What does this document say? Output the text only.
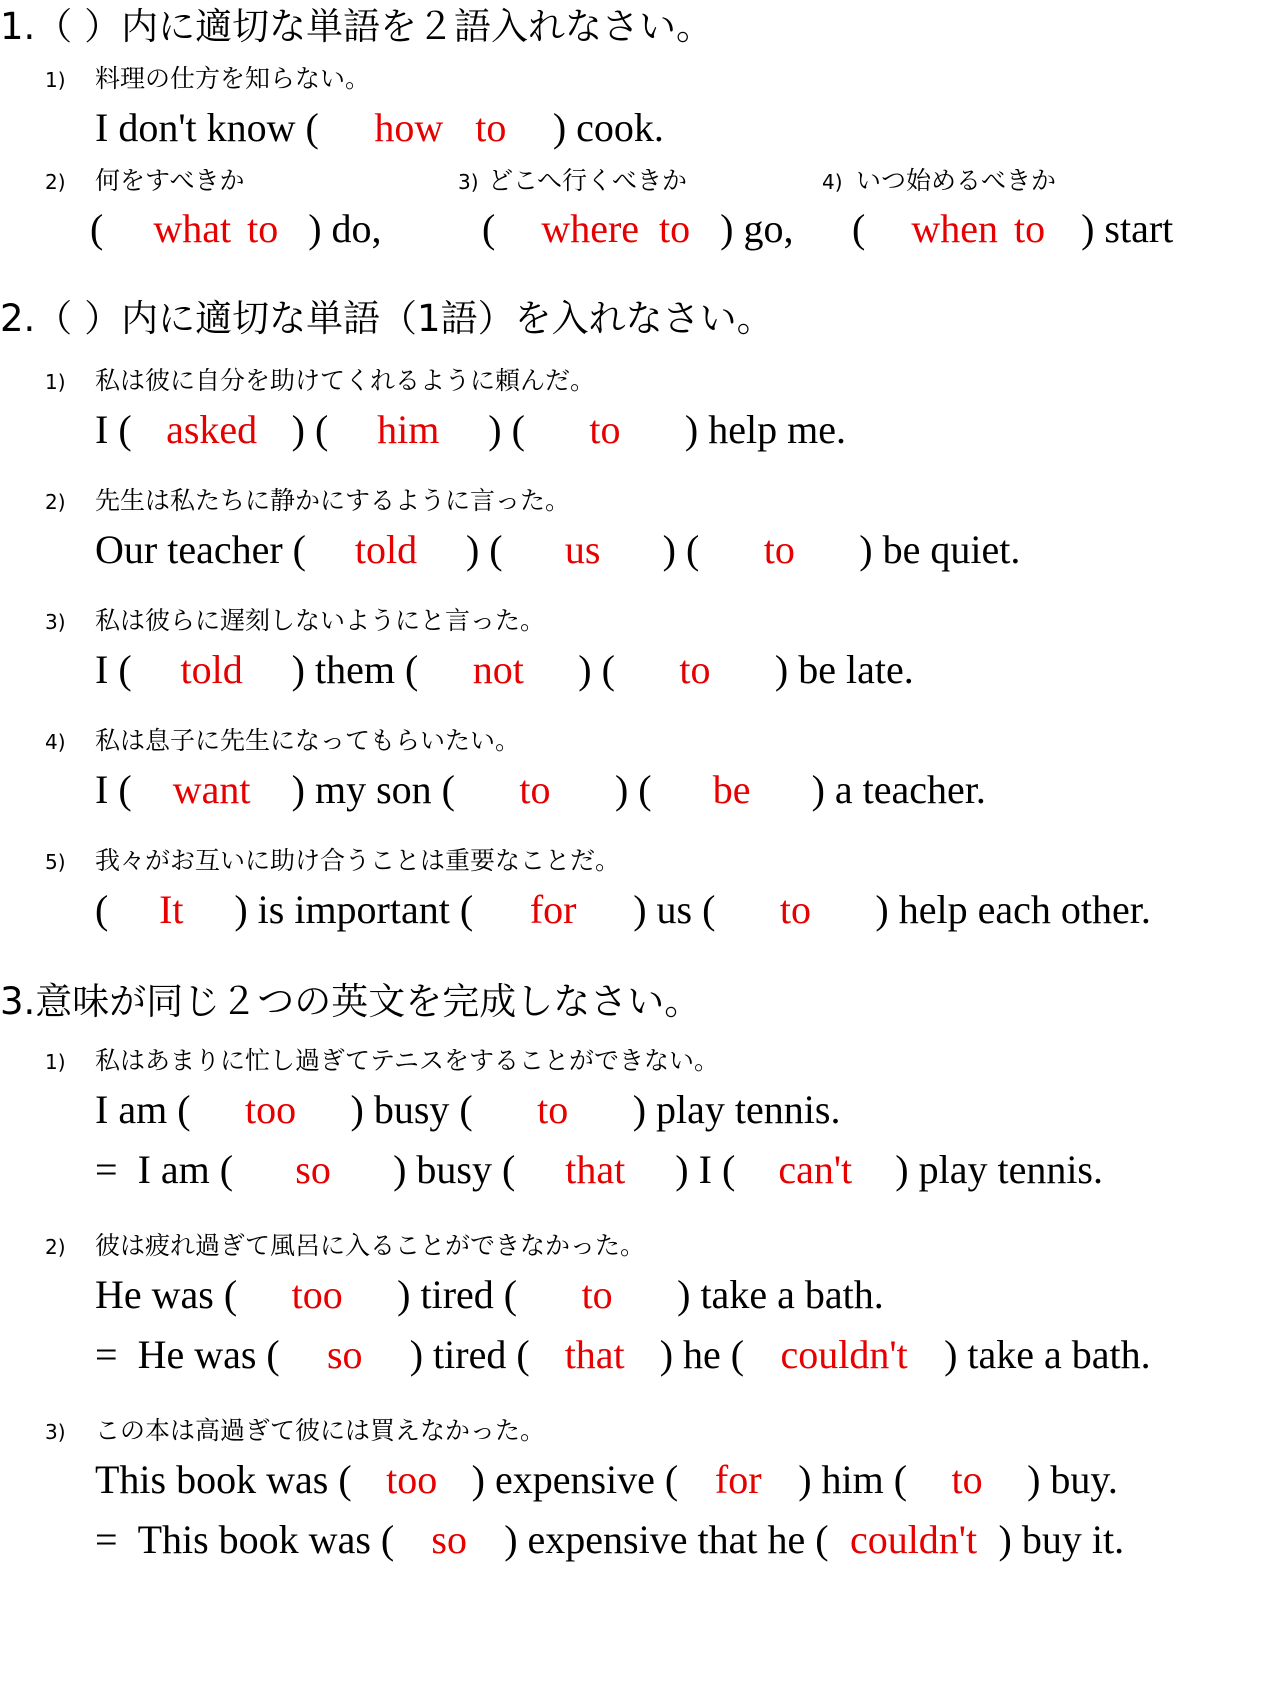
1.（ ）内に適切な単語を２語入れなさい。
1) 料理の仕方を知らない。
I don't know ( how to	) cook.
2) 何をすべきか	3) どこへ行くべきか	4) いつ始めるべきか
( what to ) do,	( where to ) go, ( when to ) start
2.（ ）内に適切な単語（1語）を入れなさい。
1) 私は彼に自分を助けてくれるように頼んだ。
I ( asked ) (	him	) (	to	) help me.
2) 先生は私たちに静かにするように言った。
Our teacher (	told	) (	us	) (	to	) be quiet.
3) 私は彼らに遅刻しないようにと言った。
I (	told	) them (	not	) (	to	) be late.
4) 私は息子に先生になってもらいたい。
I (	want	) my son (	to	) (	be	) a teacher.
5) 我々がお互いに助け合うことは重要なことだ。
(	It	) is important (	for	) us (	to	) help each other.
3.意味が同じ２つの英文を完成しなさい。
1) 私はあまりに忙し過ぎてテニスをすることができない。
I am (	too	) busy (	to	) play tennis.
= I am (	so	) busy (	that	) I (	can't	) play tennis.
2) 彼は疲れ過ぎて風呂に入ることができなかった。
He was (	too	) tired (	to	) take a bath.
= He was (	so	) tired ( that ) he ( couldn't ) take a bath.
3) この本は高過ぎて彼には買えなかった。
This book was ( too ) expensive ( for ) him (	to	) buy.
= This book was ( so ) expensive that he ( couldn't ) buy it.
